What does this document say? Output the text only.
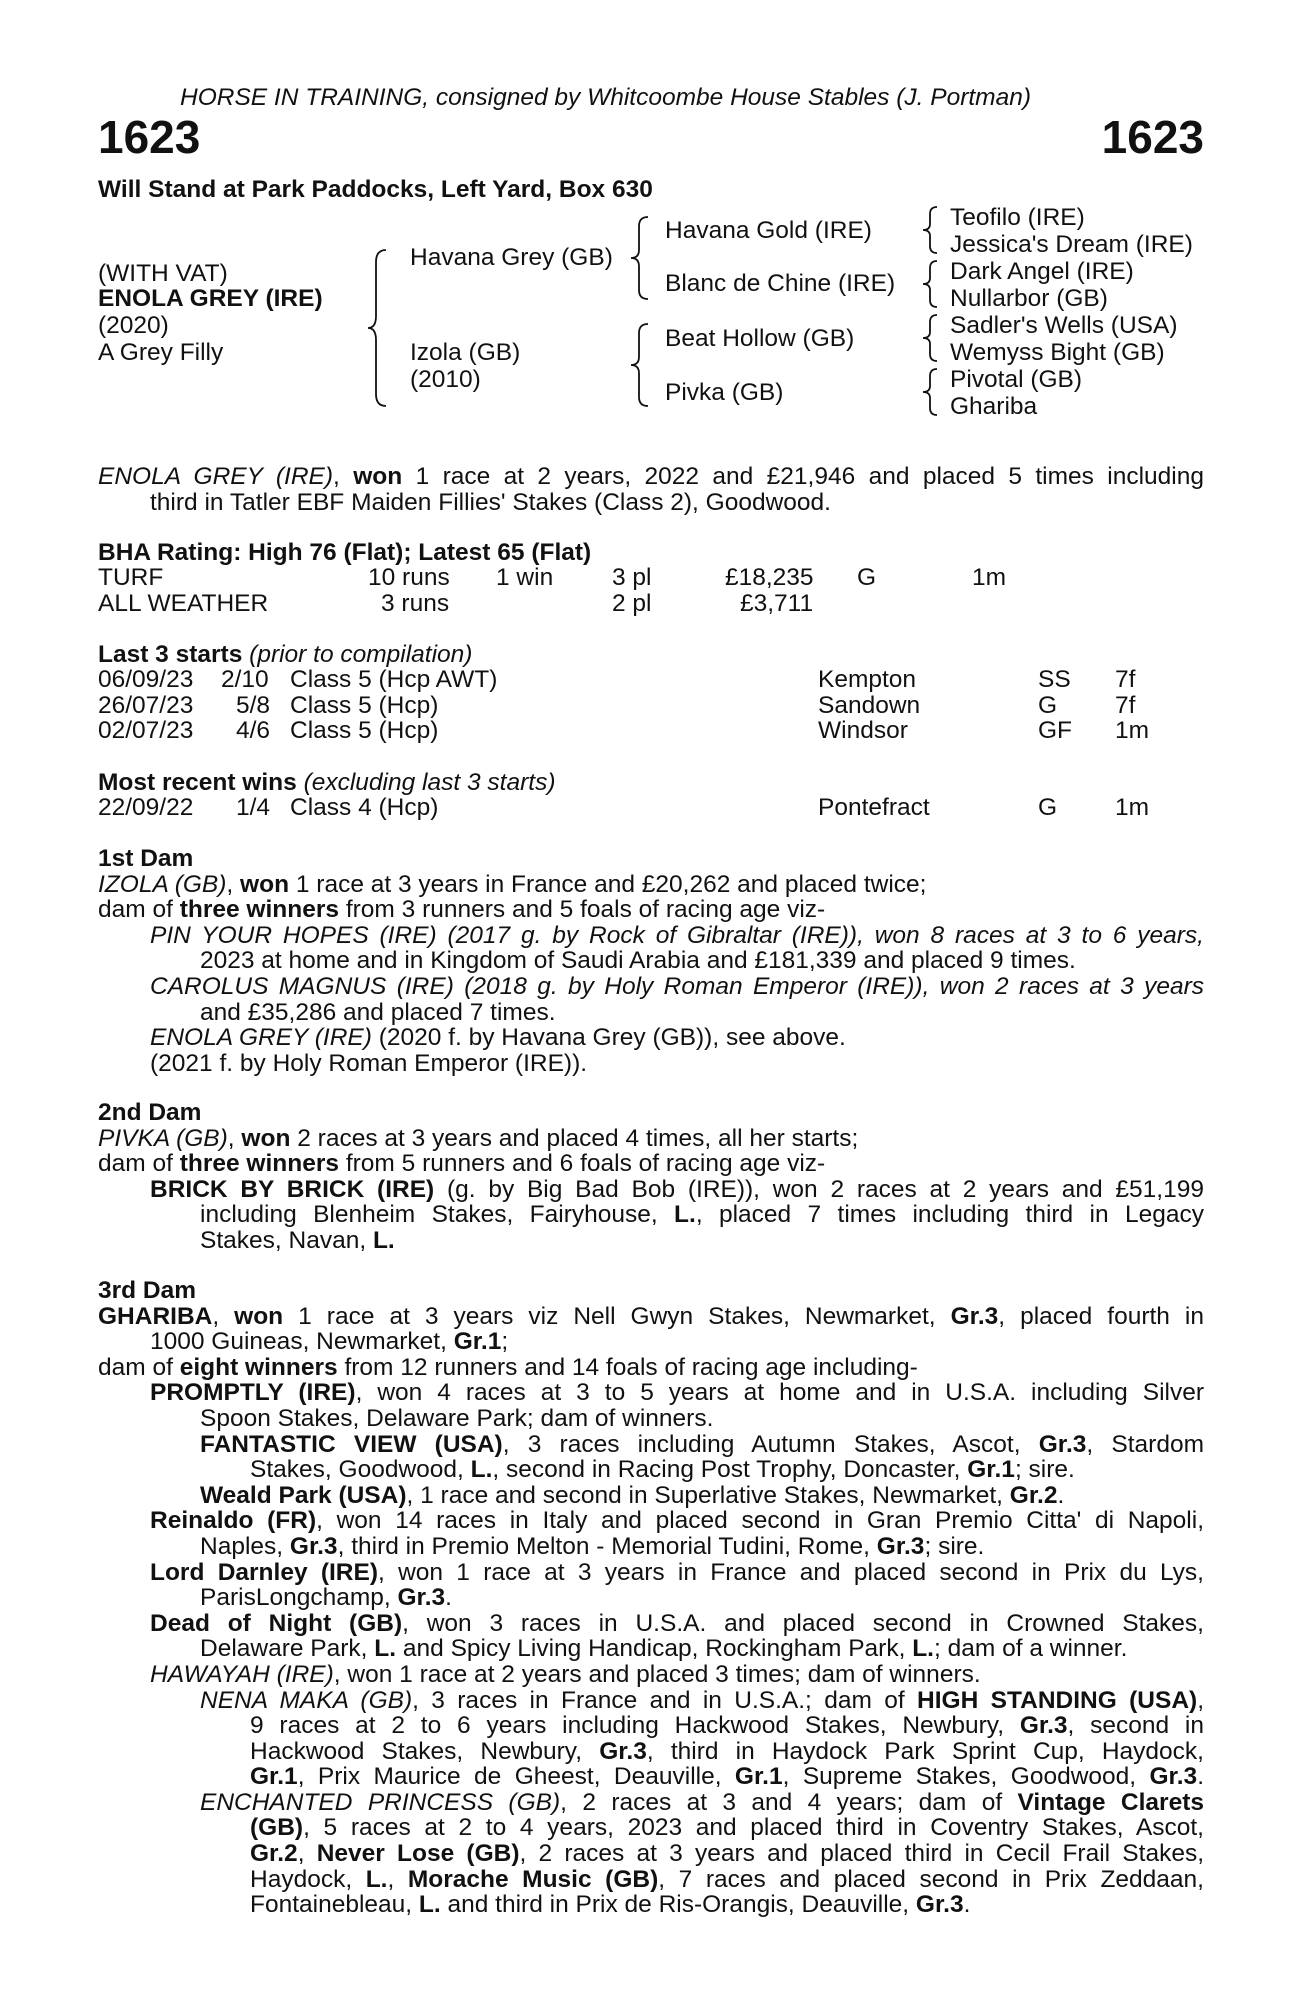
HORSE IN TRAINING, consigned by Whitcoombe House Stables (J. Portman)
1623	1623
Will Stand at Park Paddocks, Left Yard, Box 630
(WITH VAT)
ENOLA GREY (IRE)
(2020)
A Grey Filly
Havana Grey (GB)
Izola (GB)
(2010)
Havana Gold (IRE)
Blanc de Chine (IRE)
Beat Hollow (GB)
Pivka (GB)
Teofilo (IRE)
Jessica's Dream (IRE)
Dark Angel (IRE)
Nullarbor (GB)
Sadler's Wells (USA)
Wemyss Bight (GB)
Pivotal (GB)
Ghariba
ENOLA GREY (IRE), won 1 race at 2 years, 2022 and £21,946 and placed 5 times including
third in Tatler EBF Maiden Fillies' Stakes (Class 2), Goodwood.
BHA Rating: High 76 (Flat); Latest 65 (Flat)
TURF	10 runs 1 win 3 pl	£18,235 G	1m
ALL WEATHER	3 runs	2 pl	£3,711
Last 3 starts (prior to compilation)
06/09/23 2/10 Class 5 (Hcp AWT)	Kempton	SS 7f
26/07/23 5/8 Class 5 (Hcp)	Sandown	G 7f
02/07/23 4/6 Class 5 (Hcp)	Windsor	GF 1m
Most recent wins (excluding last 3 starts)
22/09/22 1/4 Class 4 (Hcp)	Pontefract	G 1m
1st Dam
IZOLA (GB), won 1 race at 3 years in France and £20,262 and placed twice;
dam of three winners from 3 runners and 5 foals of racing age viz-
PIN YOUR HOPES (IRE) (2017 g. by Rock of Gibraltar (IRE)), won 8 races at 3 to 6 years,
2023 at home and in Kingdom of Saudi Arabia and £181,339 and placed 9 times.
CAROLUS MAGNUS (IRE) (2018 g. by Holy Roman Emperor (IRE)), won 2 races at 3 years
and £35,286 and placed 7 times.
ENOLA GREY (IRE) (2020 f. by Havana Grey (GB)), see above.
(2021 f. by Holy Roman Emperor (IRE)).
2nd Dam
PIVKA (GB), won 2 races at 3 years and placed 4 times, all her starts;
dam of three winners from 5 runners and 6 foals of racing age viz-
BRICK BY BRICK (IRE) (g. by Big Bad Bob (IRE)), won 2 races at 2 years and £51,199
including Blenheim Stakes, Fairyhouse, L., placed 7 times including third in Legacy
Stakes, Navan, L.
3rd Dam
GHARIBA, won 1 race at 3 years viz Nell Gwyn Stakes, Newmarket, Gr.3, placed fourth in
1000 Guineas, Newmarket, Gr.1;
dam of eight winners from 12 runners and 14 foals of racing age including-
PROMPTLY (IRE), won 4 races at 3 to 5 years at home and in U.S.A. including Silver
Spoon Stakes, Delaware Park; dam of winners.
FANTASTIC VIEW (USA), 3 races including Autumn Stakes, Ascot, Gr.3, Stardom
Stakes, Goodwood, L., second in Racing Post Trophy, Doncaster, Gr.1; sire.
Weald Park (USA), 1 race and second in Superlative Stakes, Newmarket, Gr.2.
Reinaldo (FR), won 14 races in Italy and placed second in Gran Premio Citta' di Napoli,
Naples, Gr.3, third in Premio Melton - Memorial Tudini, Rome, Gr.3; sire.
Lord Darnley (IRE), won 1 race at 3 years in France and placed second in Prix du Lys,
ParisLongchamp, Gr.3.
Dead of Night (GB), won 3 races in U.S.A. and placed second in Crowned Stakes,
Delaware Park, L. and Spicy Living Handicap, Rockingham Park, L.; dam of a winner.
HAWAYAH (IRE), won 1 race at 2 years and placed 3 times; dam of winners.
NENA MAKA (GB), 3 races in France and in U.S.A.; dam of HIGH STANDING (USA),
9 races at 2 to 6 years including Hackwood Stakes, Newbury, Gr.3, second in
Hackwood Stakes, Newbury, Gr.3, third in Haydock Park Sprint Cup, Haydock,
Gr.1, Prix Maurice de Gheest, Deauville, Gr.1, Supreme Stakes, Goodwood, Gr.3.
ENCHANTED PRINCESS (GB), 2 races at 3 and 4 years; dam of Vintage Clarets
(GB), 5 races at 2 to 4 years, 2023 and placed third in Coventry Stakes, Ascot,
Gr.2, Never Lose (GB), 2 races at 3 years and placed third in Cecil Frail Stakes,
Haydock, L., Morache Music (GB), 7 races and placed second in Prix Zeddaan,
Fontainebleau, L. and third in Prix de Ris-Orangis, Deauville, Gr.3.
